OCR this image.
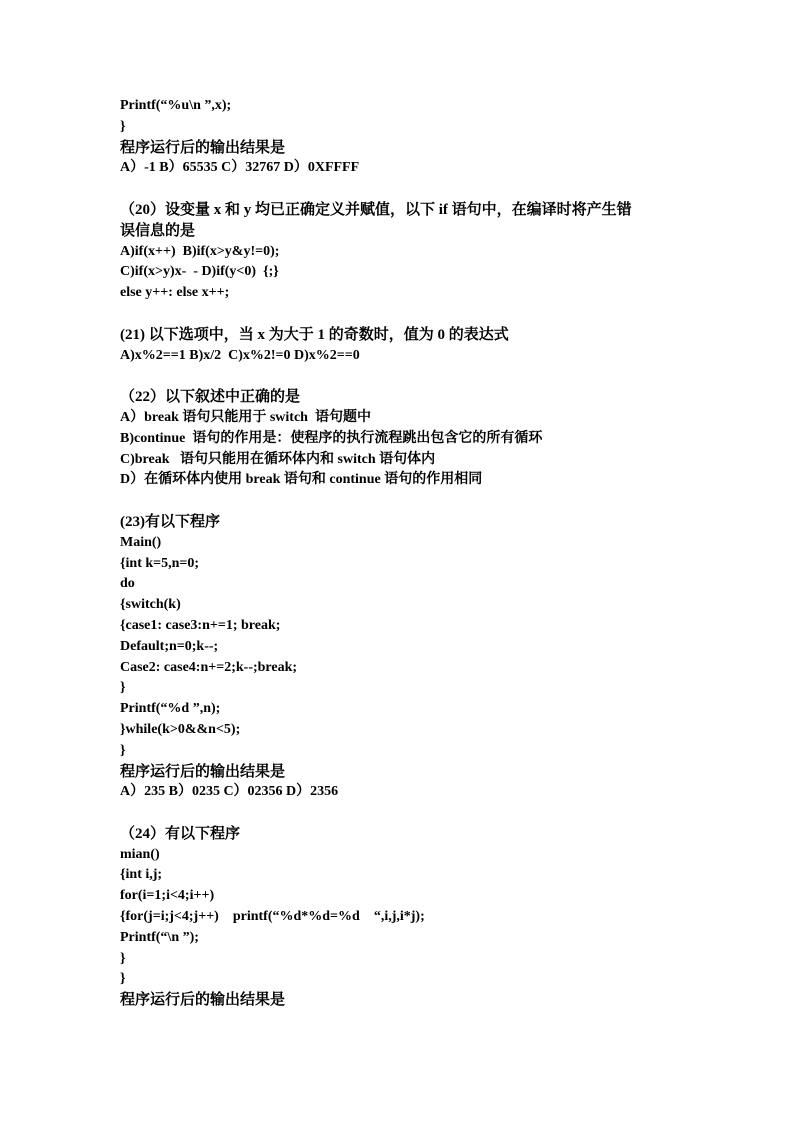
Printf(“%u\n ”,x);

}

程序运行后的输出结果是

A）-1 B）65535 C）32767 D）0XFFFF

（20）设变量 x 和 y 均已正确定义并赋值，以下 if 语句中，在编译时将产生错

误信息的是

A)if(x++)  B)if(x>y&y!=0);

C)if(x>y)x-  - D)if(y<0)  {;}

else y++: else x++;

(21) 以下选项中，当 x 为大于 1 的奇数时，值为 0 的表达式

A)x%2==1 B)x/2  C)x%2!=0 D)x%2==0

（22）以下叙述中正确的是

A）break 语句只能用于 switch  语句题中

B)continue  语句的作用是：使程序的执行流程跳出包含它的所有循环

C)break   语句只能用在循环体内和 switch 语句体内

D）在循环体内使用 break 语句和 continue 语句的作用相同

(23)有以下程序

Main()

{int k=5,n=0;

do

{switch(k)

{case1: case3:n+=1; break;

Default;n=0;k--;

Case2: case4:n+=2;k--;break;

}

Printf(“%d ”,n);

}while(k>0&&n<5);

}

程序运行后的输出结果是

A）235 B）0235 C）02356 D）2356

（24）有以下程序

mian()

{int i,j;

for(i=1;i<4;i++)

{for(j=i;j<4;j++)    printf(“%d*%d=%d    “,i,j,i*j);

Printf(“\n ”);

}

}

程序运行后的输出结果是
